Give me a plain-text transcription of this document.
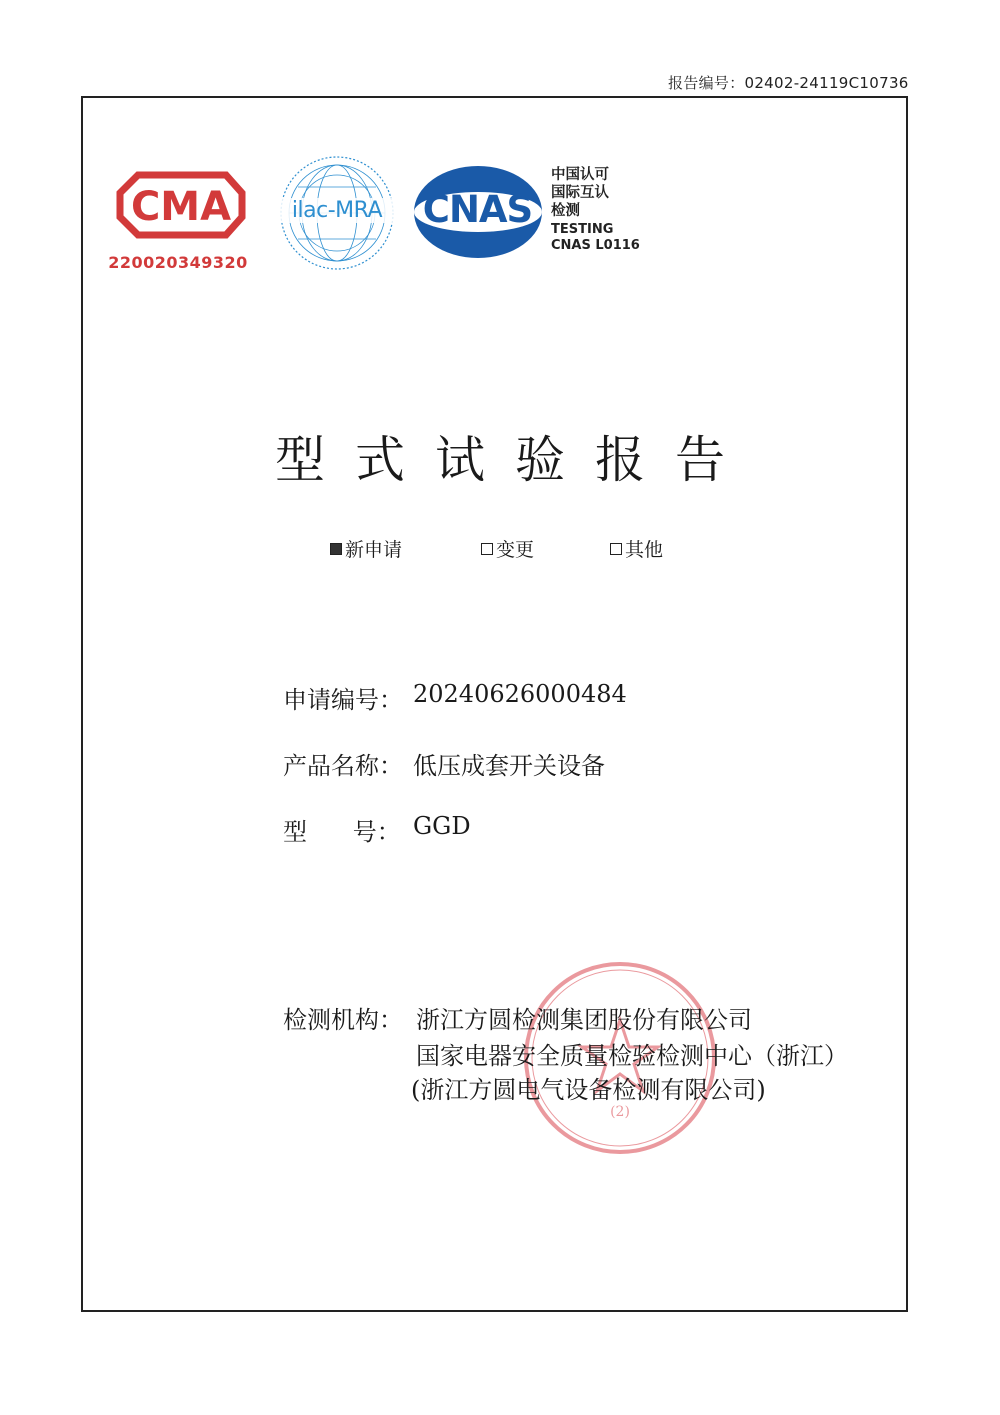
报告编号：02402-24119C10736
CMA
220020349320
ilac-MRA	CNAS
中国认可
国际互认
检测
TESTING
CNAS L0116
型式试验报告
新申请	变更	其他
申请编号： 20240626000484
产品名称： 低压成套开关设备
型      号： GGD
(2)
检测机构： 浙江方圆检测集团股份有限公司
国家电器安全质量检验检测中心（浙江）
(浙江方圆电气设备检测有限公司)
